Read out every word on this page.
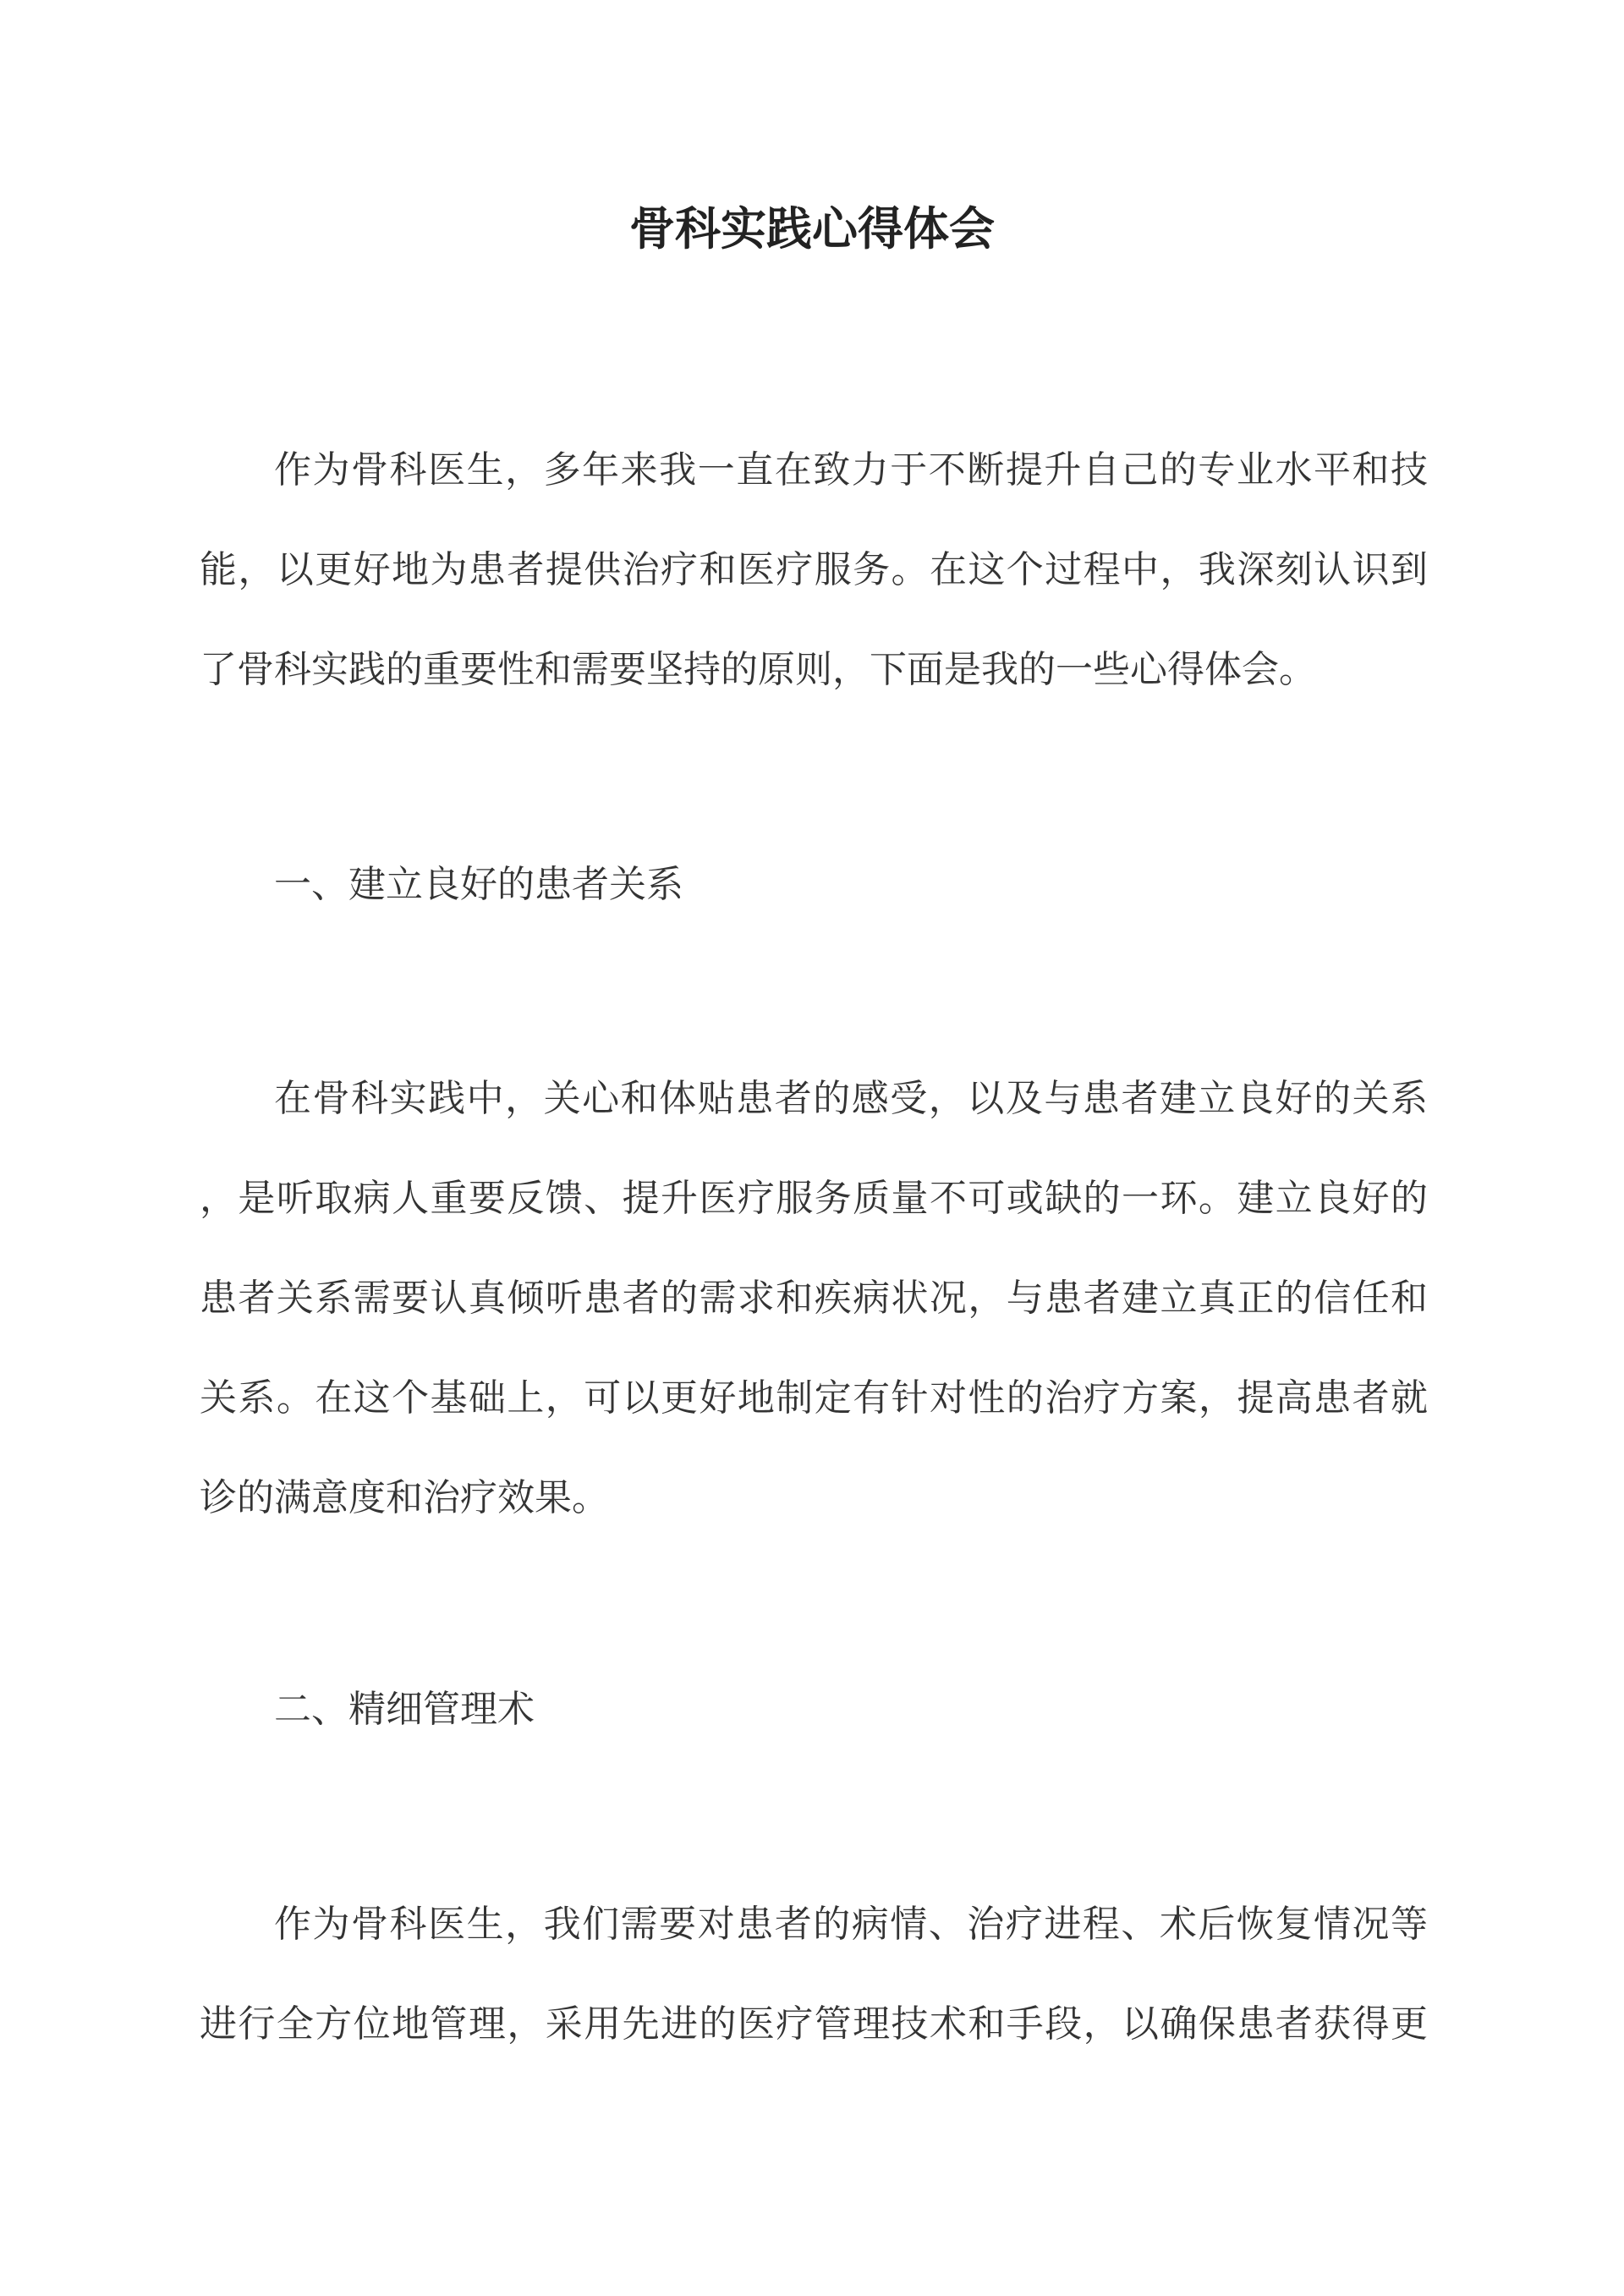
骨科实践心得体会
作为骨科医生，多年来我一直在致力于不断提升自己的专业水平和技
能，以更好地为患者提供治疗和医疗服务。在这个过程中，我深刻认识到
了骨科实践的重要性和需要坚持的原则，下面是我的一些心得体会。
一、建立良好的患者关系
在骨科实践中，关心和体贴患者的感受，以及与患者建立良好的关系
，是听取病人重要反馈、提升医疗服务质量不可或缺的一环。建立良好的
患者关系需要认真倾听患者的需求和疾病状况，与患者建立真正的信任和
关系。在这个基础上，可以更好地制定有针对性的治疗方案，提高患者就
诊的满意度和治疗效果。
二、精细管理术
作为骨科医生，我们需要对患者的病情、治疗进程、术后恢复情况等
进行全方位地管理，采用先进的医疗管理技术和手段，以确保患者获得更
